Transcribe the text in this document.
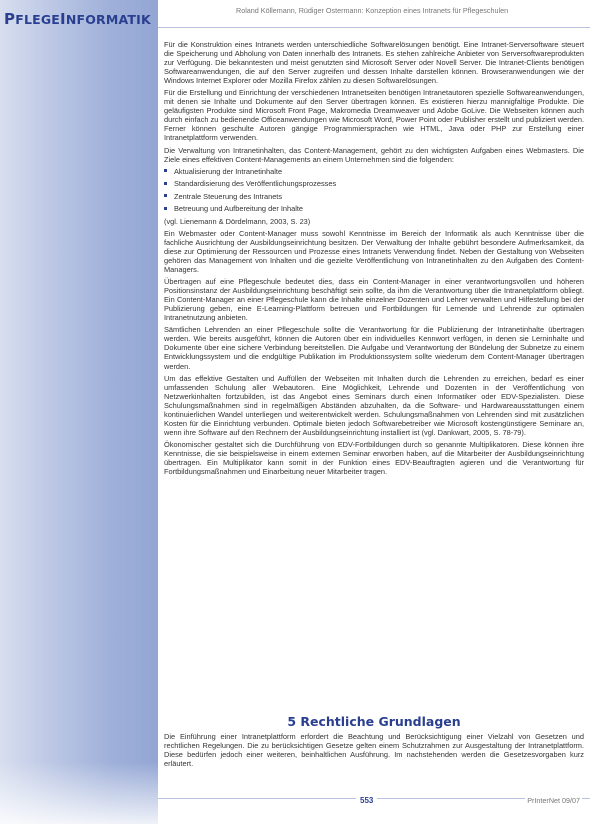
PFLEGEINFORMATIK
Roland Köllemann, Rüdiger Ostermann: Konzeption eines Intranets für Pflegeschulen

Für die Konstruktion eines Intranets werden unterschiedliche Softwarelösungen benötigt. Eine Intranet-Serversoftware steuert die Speicherung und Abholung von Daten innerhalb des Intranets. Es stehen zahlreiche Anbieter von Serversoftwareprodukten zur Verfügung. Die bekanntesten und meist genutzten sind Microsoft Server oder Novell Server. Die Intranet-Clients benötigen Softwareanwendungen, die auf den Server zugreifen und dessen Inhalte darstellen können. Browseranwendungen wie der Windows Internet Explorer oder Mozilla Firefox zählen zu diesen Softwarelösungen.

Für die Erstellung und Einrichtung der verschiedenen Intranetseiten benötigen Intranetautoren spezielle Softwareanwendungen, mit denen sie Inhalte und Dokumente auf den Server übertragen können. Es existieren hierzu mannigfaltige Produkte. Die geläufigsten Produkte sind Microsoft Front Page, Makromedia Dreamweaver und Adobe GoLive. Die Webseiten können auch durch einfach zu bedienende Officeanwendungen wie Microsoft Word, Power Point oder Publisher erstellt und publiziert werden. Ferner können geschulte Autoren gängige Programmiersprachen wie HTML, Java oder PHP zur Erstellung einer Intranetplattform verwenden.

Die Verwaltung von Intranetinhalten, das Content-Management, gehört zu den wichtigsten Aufgaben eines Webmasters. Die Ziele eines effektiven Content-Managements an einem Unternehmen sind die folgenden:

Aktualisierung der Intranetinhalte
Standardisierung des Veröffentlichungsprozesses
Zentrale Steuerung des Intranets
Betreuung und Aufbereitung der Inhalte

(vgl. Lienemann & Dördelmann, 2003, S. 23)

Ein Webmaster oder Content-Manager muss sowohl Kenntnisse im Bereich der Informatik als auch Kenntnisse über die fachliche Ausrichtung der Ausbildungseinrichtung besitzen. Der Verwaltung der Inhalte gebührt besondere Aufmerksamkeit, da diese zur Optimierung der Ressourcen und Prozesse eines Intranets Verwendung findet. Neben der Gestaltung von Webseiten gehören das Management von Inhalten und die gezielte Veröffentlichung von Intranetinhalten zu den Aufgaben des Content-Managers.

Übertragen auf eine Pflegeschule bedeutet dies, dass ein Content-Manager in einer verantwortungsvollen und höheren Positionsinstanz der Ausbildungseinrichtung beschäftigt sein sollte, da ihm die Verantwortung über die Intranetplattform obliegt. Ein Content-Manager an einer Pflegeschule kann die Inhalte einzelner Dozenten und Lehrer verwalten und Hilfestellung bei der Publizierung geben, eine E-Learning-Plattform betreuen und Fortbildungen für Lernende und Lehrende zur optimalen Intranetnutzung anbieten.

Sämtlichen Lehrenden an einer Pflegeschule sollte die Verantwortung für die Publizierung der Intranetinhalte übertragen werden. Wie bereits ausgeführt, können die Autoren über ein individuelles Kennwort verfügen, in denen sie Lerninhalte und Dokumente über eine sichere Verbindung bereitstellen. Die Aufgabe und Verantwortung der Bündelung der Subnetze zu einem Entwicklungssystem und die endgültige Publikation im Produktionssystem sollte wiederum dem Content-Manager übertragen werden.

Um das effektive Gestalten und Auffüllen der Webseiten mit Inhalten durch die Lehrenden zu erreichen, bedarf es einer umfassenden Schulung aller Webautoren. Eine Möglichkeit, Lehrende und Dozenten in der Veröffentlichung von Netzwerkinhalten fortzubilden, ist das Angebot eines Seminars durch einen Informatiker oder EDV-Spezialisten. Diese Schulungsmaßnahmen sind in regelmäßigen Abständen abzuhalten, da die Software- und Hardwareausstattungen einem kontinuierlichen Wandel unterliegen und weiterentwickelt werden. Schulungsmaßnahmen von Lehrenden sind mit zusätzlichen Kosten für die Einrichtung verbunden. Optimale bieten jedoch Softwarebetreiber wie Microsoft kostengünstigere Seminare an, wenn ihre Software auf den Rechnern der Ausbildungseinrichtung installiert ist (vgl. Dankwart, 2005, S. 78-79).

Ökonomischer gestaltet sich die Durchführung von EDV-Fortbildungen durch so genannte Multiplikatoren. Diese können ihre Kenntnisse, die sie beispielsweise in einem externen Seminar erworben haben, auf die Mitarbeiter der Ausbildungseinrichtung übertragen. Ein Multiplikator kann somit in der Funktion eines EDV-Beauftragten agieren und die Verantwortung für Fortbildungsmaßnahmen und Einarbeitung neuer Mitarbeiter tragen.

5 Rechtliche Grundlagen
Die Einführung einer Intranetplattform erfordert die Beachtung und Berücksichtigung einer Vielzahl von Gesetzen und rechtlichen Regelungen. Die zu berücksichtigen Gesetze gelten einem Schutzrahmen zur Ausgestaltung der Intranetplattform. Diese bedürfen jedoch einer weiteren, beinhaltlichen Ausführung. Im nachstehenden werden die Gesetzesvorgaben kurz erläutert.
553	PrInterNet 09/07
